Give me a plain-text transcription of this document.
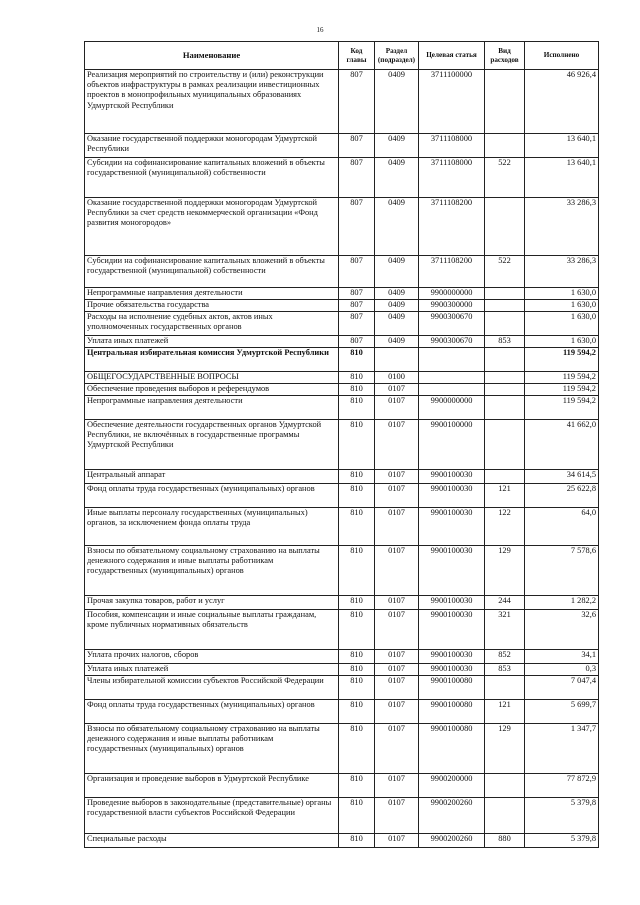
16
Наименование	Код главы	Раздел (подраздел)	Целевая статья	Вид расходов	Исполнено
Реализация мероприятий по строительству и (или) реконструкции объектов инфраструктуры в рамках реализации инвестиционных проектов в монопрофильных муниципальных образованиях Удмуртской Республики	807	0409	3711100000		46 926,4
Оказание государственной поддержки моногородам Удмуртской Республики	807	0409	3711108000		13 640,1
Субсидии на софинансирование капитальных вложений в объекты государственной (муниципальной) собственности	807	0409	3711108000	522	13 640,1
Оказание государственной поддержки моногородам Удмуртской Республики за счет средств некоммерческой организации «Фонд развития моногородов»	807	0409	3711108200		33 286,3
Субсидии на софинансирование капитальных вложений в объекты государственной (муниципальной) собственности	807	0409	3711108200	522	33 286,3
Непрограммные направления деятельности	807	0409	9900000000		1 630,0
Прочие обязательства государства	807	0409	9900300000		1 630,0
Расходы на исполнение судебных актов, актов иных уполномоченных государственных органов	807	0409	9900300670		1 630,0
Уплата иных платежей	807	0409	9900300670	853	1 630,0
Центральная избирательная комиссия Удмуртской Республики	810				119 594,2
ОБЩЕГОСУДАРСТВЕННЫЕ ВОПРОСЫ	810	0100			119 594,2
Обеспечение проведения выборов и референдумов	810	0107			119 594,2
Непрограммные направления деятельности	810	0107	9900000000		119 594,2
Обеспечение деятельности государственных органов Удмуртской Республики, не включённых в государственные программы Удмуртской Республики	810	0107	9900100000		41 662,0
Центральный аппарат	810	0107	9900100030		34 614,5
Фонд оплаты труда государственных (муниципальных) органов	810	0107	9900100030	121	25 622,8
Иные выплаты персоналу государственных (муниципальных) органов, за исключением фонда оплаты труда	810	0107	9900100030	122	64,0
Взносы по обязательному социальному страхованию на выплаты денежного содержания и иные выплаты работникам государственных (муниципальных) органов	810	0107	9900100030	129	7 578,6
Прочая закупка товаров, работ и услуг	810	0107	9900100030	244	1 282,2
Пособия, компенсации и иные социальные выплаты гражданам, кроме публичных нормативных обязательств	810	0107	9900100030	321	32,6
Уплата прочих налогов, сборов	810	0107	9900100030	852	34,1
Уплата иных платежей	810	0107	9900100030	853	0,3
Члены избирательной комиссии субъектов Российской Федерации	810	0107	9900100080		7 047,4
Фонд оплаты труда государственных (муниципальных) органов	810	0107	9900100080	121	5 699,7
Взносы по обязательному социальному страхованию на выплаты денежного содержания и иные выплаты работникам государственных (муниципальных) органов	810	0107	9900100080	129	1 347,7
Организация и проведение выборов в Удмуртской Республике	810	0107	9900200000		77 872,9
Проведение выборов в законодательные (представительные) органы государственной власти субъектов Российской Федерации	810	0107	9900200260		5 379,8
Специальные расходы	810	0107	9900200260	880	5 379,8
